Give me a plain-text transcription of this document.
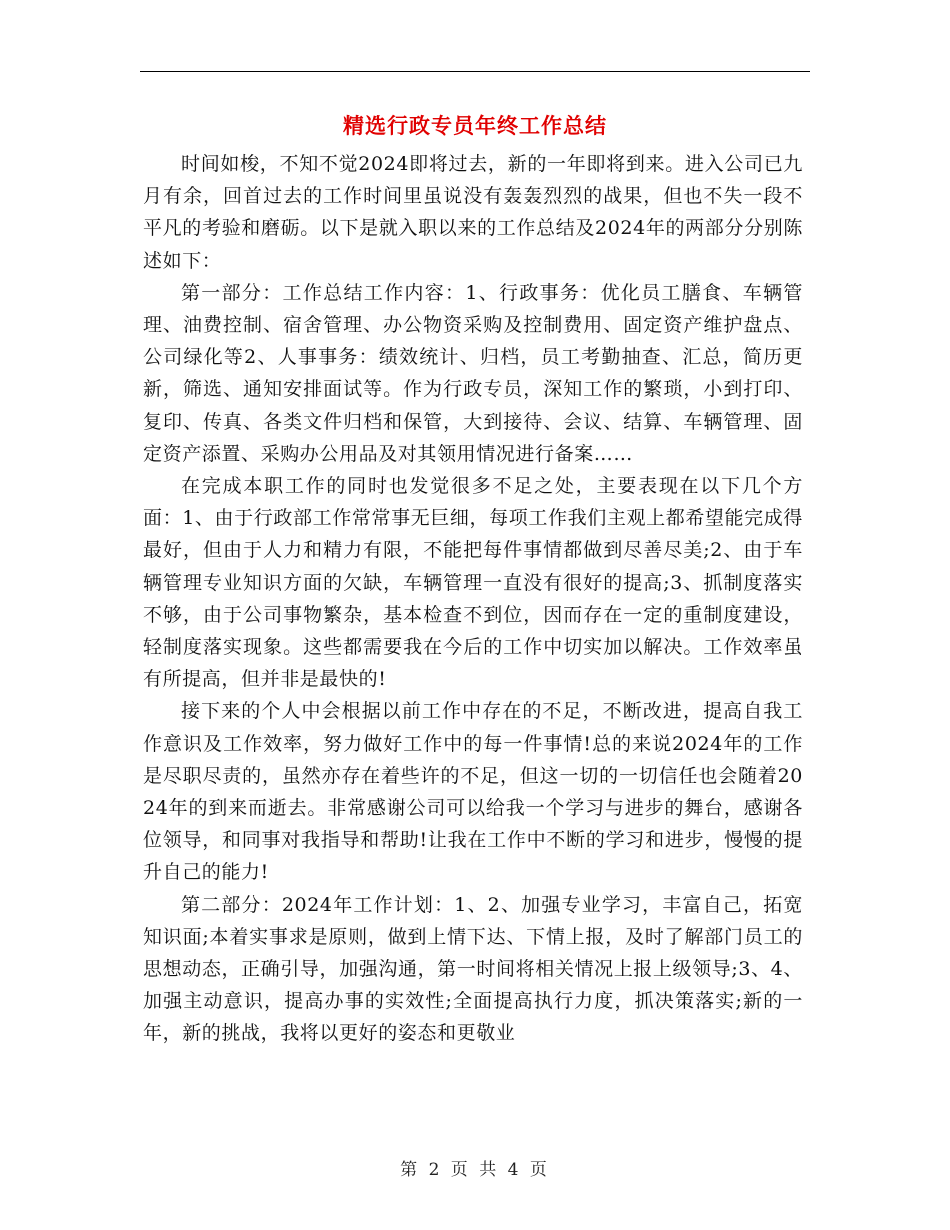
精选行政专员年终工作总结

时间如梭，不知不觉2024即将过去，新的一年即将到来。进入公司已九月有余，回首过去的工作时间里虽说没有轰轰烈烈的战果，但也不失一段不平凡的考验和磨砺。以下是就入职以来的工作总结及2024年的两部分分别陈述如下：

第一部分：工作总结工作内容：1、行政事务：优化员工膳食、车辆管理、油费控制、宿舍管理、办公物资采购及控制费用、固定资产维护盘点、公司绿化等2、人事事务：绩效统计、归档，员工考勤抽查、汇总，简历更新，筛选、通知安排面试等。作为行政专员，深知工作的繁琐，小到打印、复印、传真、各类文件归档和保管，大到接待、会议、结算、车辆管理、固定资产添置、采购办公用品及对其领用情况进行备案……

在完成本职工作的同时也发觉很多不足之处，主要表现在以下几个方面：1、由于行政部工作常常事无巨细，每项工作我们主观上都希望能完成得最好，但由于人力和精力有限，不能把每件事情都做到尽善尽美;2、由于车辆管理专业知识方面的欠缺，车辆管理一直没有很好的提高;3、抓制度落实不够，由于公司事物繁杂，基本检查不到位，因而存在一定的重制度建设，轻制度落实现象。这些都需要我在今后的工作中切实加以解决。工作效率虽有所提高，但并非是最快的!

接下来的个人中会根据以前工作中存在的不足，不断改进，提高自我工作意识及工作效率，努力做好工作中的每一件事情!总的来说2024年的工作是尽职尽责的，虽然亦存在着些许的不足，但这一切的一切信任也会随着2024年的到来而逝去。非常感谢公司可以给我一个学习与进步的舞台，感谢各位领导，和同事对我指导和帮助!让我在工作中不断的学习和进步，慢慢的提升自己的能力!

第二部分：2024年工作计划：1、2、加强专业学习，丰富自己，拓宽知识面;本着实事求是原则，做到上情下达、下情上报，及时了解部门员工的思想动态，正确引导，加强沟通，第一时间将相关情况上报上级领导;3、4、加强主动意识，提高办事的实效性;全面提高执行力度，抓决策落实;新的一年，新的挑战，我将以更好的姿态和更敬业

第 2 页 共 4 页
